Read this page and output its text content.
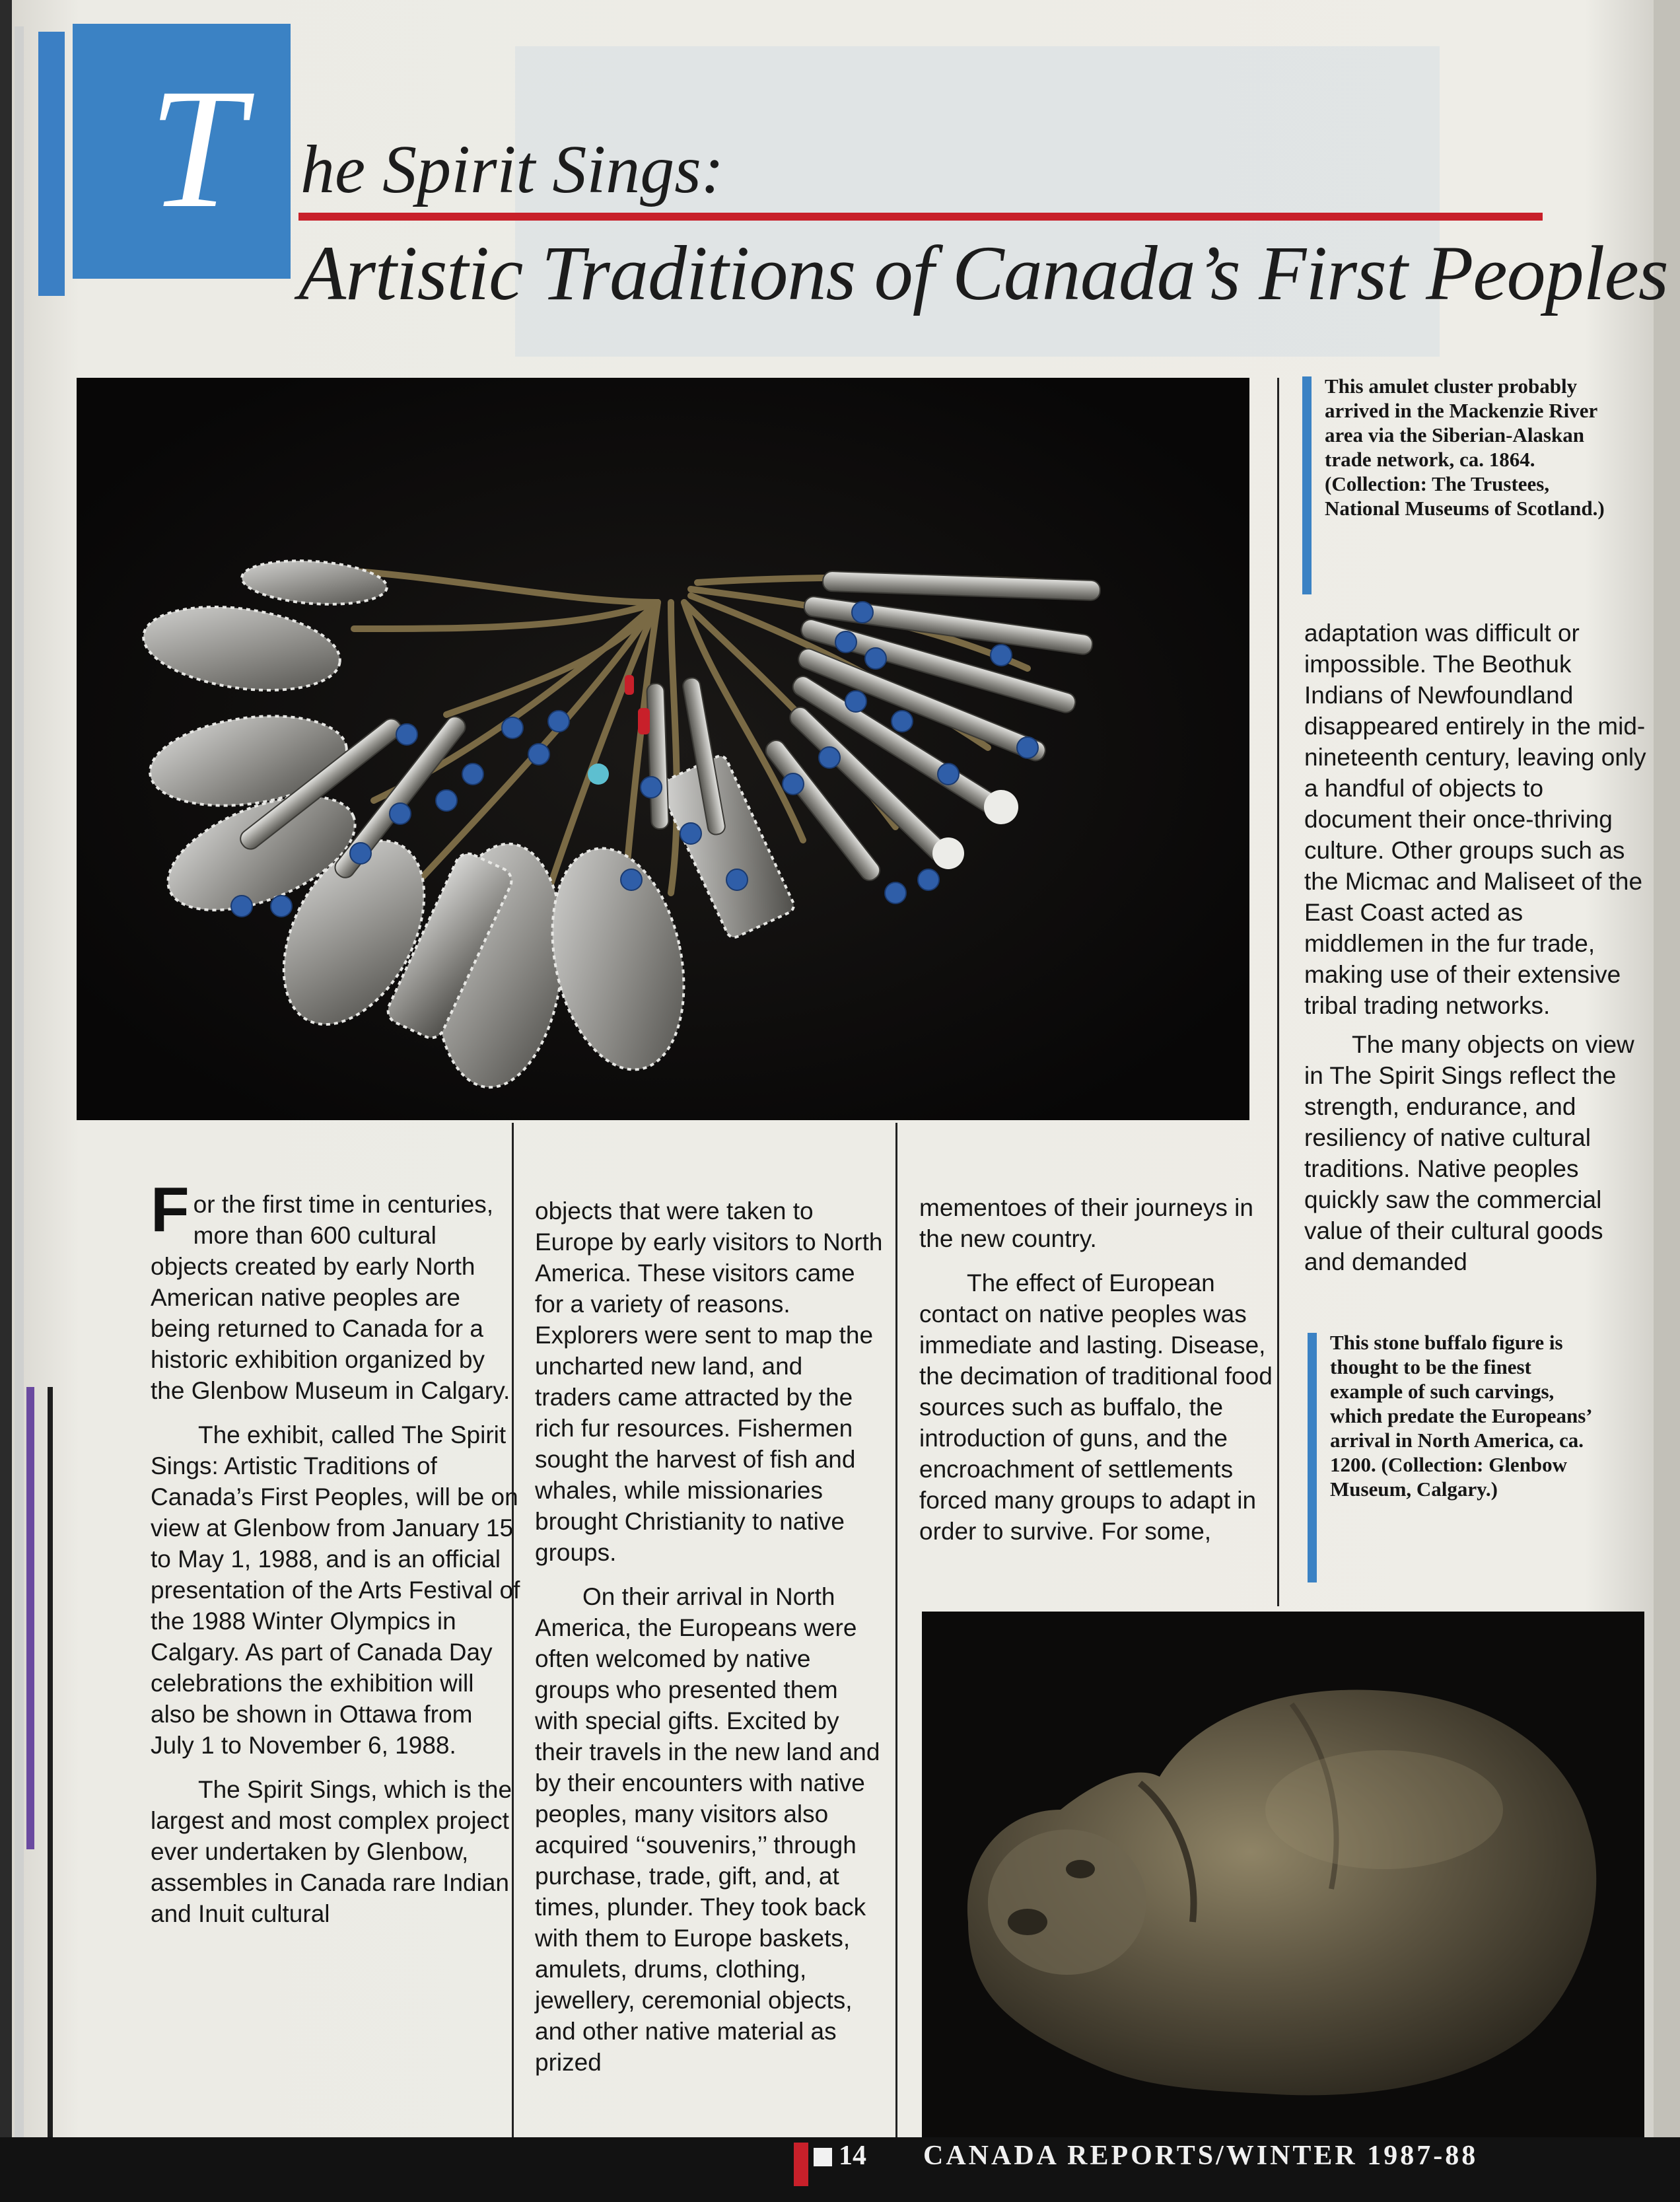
T he Spirit Sings:
Artistic Traditions of Canada’s First Peoples
This amulet cluster probably arrived in the Mackenzie River area via the Siberian-Alaskan trade network, ca. 1864. (Collection: The Trustees, National Museums of Scotland.)
This stone buffalo figure is thought to be the finest example of such carvings, which predate the Europeans’ arrival in North America, ca. 1200. (Collection: Glenbow Museum, Calgary.)

For the first time in centuries, more than 600 cultural objects created by early North American native peoples are being returned to Canada for a historic exhibition organized by the Glenbow Museum in Calgary.

The exhibit, called The Spirit Sings: Artistic Traditions of Canada’s First Peoples, will be on view at Glenbow from January 15 to May 1, 1988, and is an official presentation of the Arts Festival of the 1988 Winter Olympics in Calgary. As part of Canada Day celebrations the exhibition will also be shown in Ottawa from July 1 to November 6, 1988.

The Spirit Sings, which is the largest and most complex project ever undertaken by Glenbow, assembles in Canada rare Indian and Inuit cultural

objects that were taken to Europe by early visitors to North America. These visitors came for a variety of reasons. Explorers were sent to map the uncharted new land, and traders came attracted by the rich fur resources. Fishermen sought the harvest of fish and whales, while missionaries brought Christianity to native groups.

On their arrival in North America, the Europeans were often welcomed by native groups who presented them with special gifts. Excited by their travels in the new land and by their encounters with native peoples, many visitors also acquired ‘‘souvenirs,’’ through purchase, trade, gift, and, at times, plunder. They took back with them to Europe baskets, amulets, drums, clothing, jewellery, ceremonial objects, and other native material as prized

mementoes of their journeys in the new country.

The effect of European contact on native peoples was immediate and lasting. Disease, the decimation of traditional food sources such as buffalo, the introduction of guns, and the encroachment of settlements forced many groups to adapt in order to survive. For some,

adaptation was difficult or impossible. The Beothuk Indians of Newfoundland disappeared entirely in the mid-nineteenth century, leaving only a handful of objects to document their once-thriving culture. Other groups such as the Micmac and Maliseet of the East Coast acted as middlemen in the fur trade, making use of their extensive tribal trading networks.

The many objects on view in The Spirit Sings reflect the strength, endurance, and resiliency of native cultural traditions. Native peoples quickly saw the commercial value of their cultural goods and demanded

14 CANADA REPORTS/WINTER 1987-88
